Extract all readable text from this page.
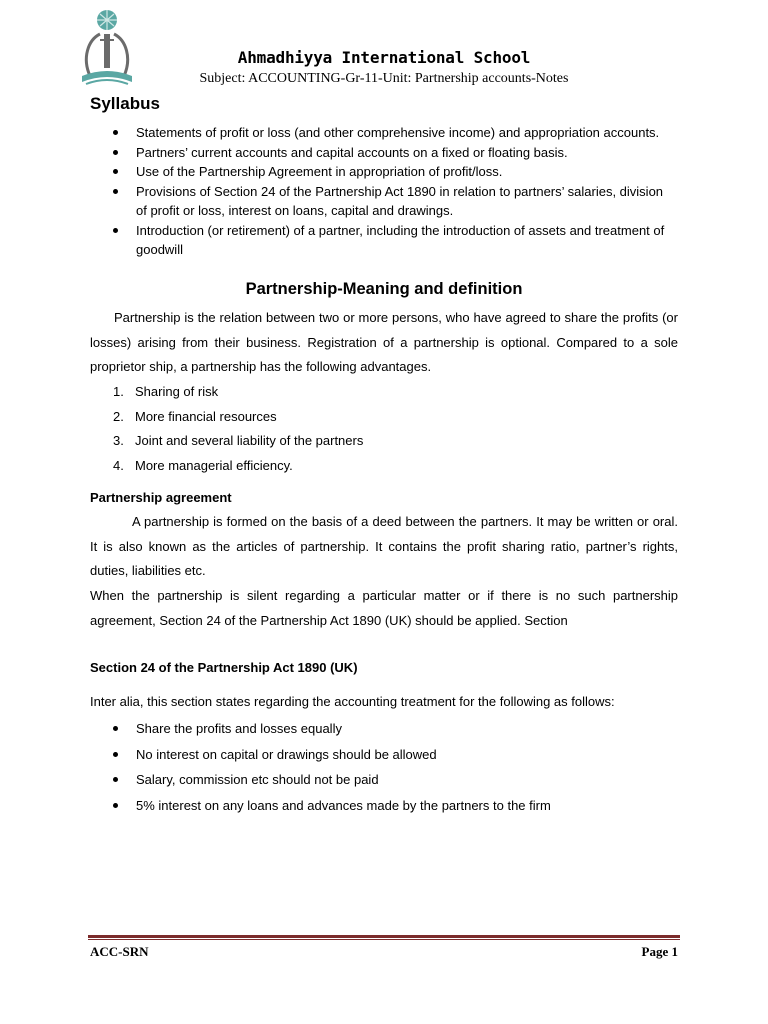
Ahmadhiyya International School
Subject: ACCOUNTING-Gr-11-Unit: Partnership accounts-Notes
Syllabus
Statements of profit or loss (and other comprehensive income) and appropriation accounts.
Partners’ current accounts and capital accounts on a fixed or floating basis.
Use of the Partnership Agreement in appropriation of profit/loss.
Provisions of Section 24 of the Partnership Act 1890 in relation to partners’ salaries, division of profit or loss, interest on loans, capital and drawings.
Introduction (or retirement) of a partner, including the introduction of assets and treatment of goodwill
Partnership-Meaning and definition

Partnership is the relation between two or more persons, who have agreed to share the profits (or losses) arising from their business. Registration of a partnership is optional. Compared to a sole proprietor ship, a partnership has the following advantages.

1. Sharing of risk
2. More financial resources
3. Joint and several liability of the partners
4. More managerial efficiency.
Partnership agreement

A partnership is formed on the basis of a deed between the partners. It may be written or oral. It is also known as the articles of partnership. It contains the profit sharing ratio, partner’s rights, duties, liabilities etc.

When the partnership is silent regarding a particular matter or if there is no such partnership agreement, Section 24 of the Partnership Act 1890 (UK) should be applied. Section

Section 24 of the Partnership Act 1890 (UK)

Inter alia, this section states regarding the accounting treatment for the following as follows:

Share the profits and losses equally
No interest on capital or drawings should be allowed
Salary, commission etc should not be paid
5% interest on any loans and advances made by the partners to the firm
ACC-SRN	Page 1
